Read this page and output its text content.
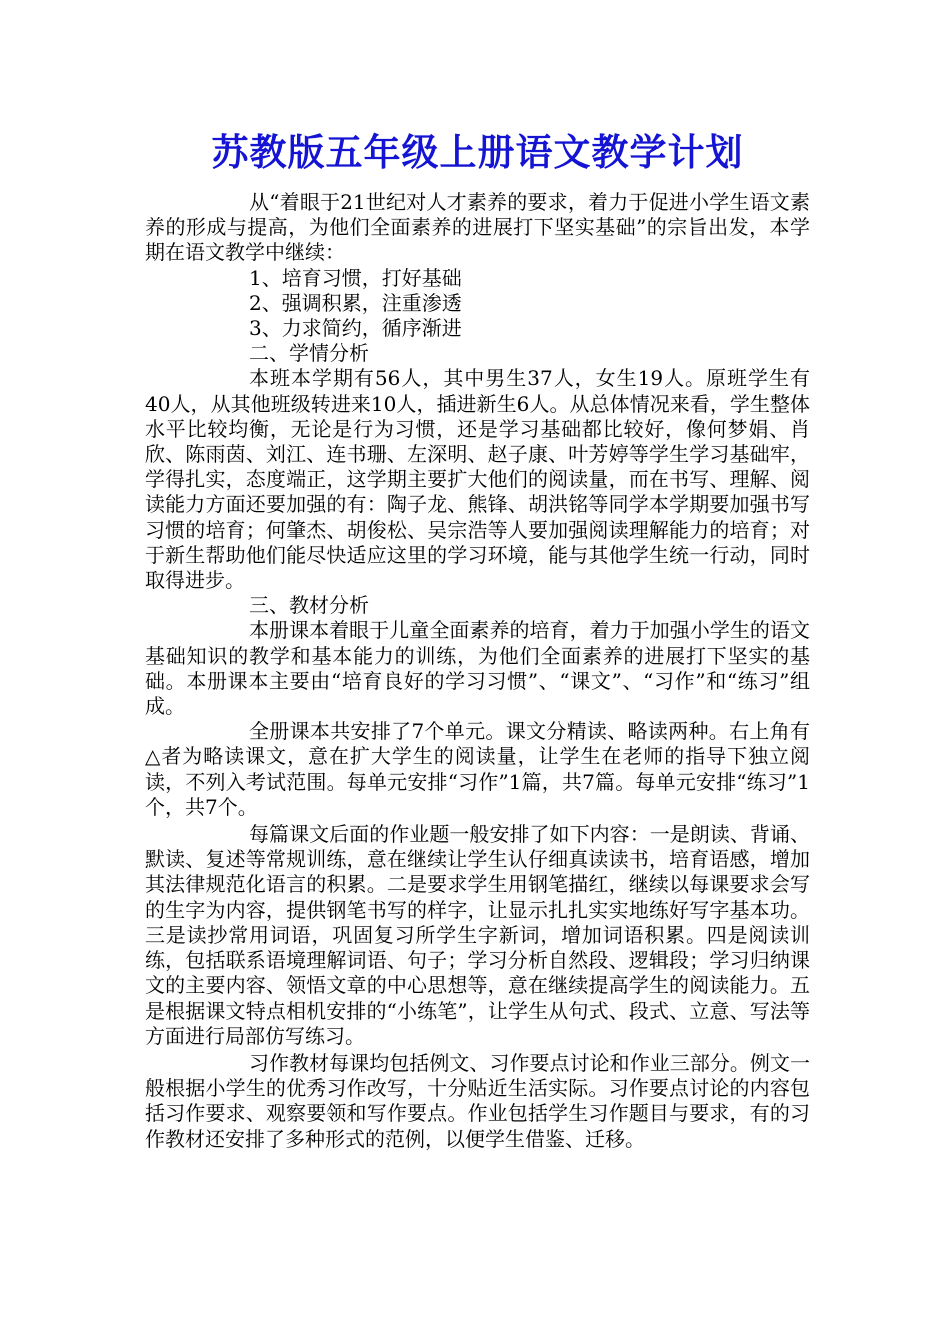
苏教版五年级上册语文教学计划

从“着眼于21世纪对人才素养的要求，着力于促进小学生语文素养的形成与提高，为他们全面素养的进展打下坚实基础”的宗旨出发，本学期在语文教学中继续：

1、培育习惯，打好基础

2、强调积累，注重渗透

3、力求简约，循序渐进

二、学情分析

本班本学期有56人，其中男生37人，女生19人。原班学生有40人，从其他班级转进来10人，插进新生6人。从总体情况来看，学生整体水平比较均衡，无论是行为习惯，还是学习基础都比较好，像何梦娟、肖欣、陈雨茵、刘江、连书珊、左深明、赵子康、叶芳婷等学生学习基础牢，学得扎实，态度端正，这学期主要扩大他们的阅读量，而在书写、理解、阅读能力方面还要加强的有：陶子龙、熊锋、胡洪铭等同学本学期要加强书写习惯的培育；何肇杰、胡俊松、吴宗浩等人要加强阅读理解能力的培育；对于新生帮助他们能尽快适应这里的学习环境，能与其他学生统一行动，同时取得进步。

三、教材分析

本册课本着眼于儿童全面素养的培育，着力于加强小学生的语文基础知识的教学和基本能力的训练，为他们全面素养的进展打下坚实的基础。本册课本主要由“培育良好的学习习惯”、“课文”、“习作”和“练习”组成。

全册课本共安排了7个单元。课文分精读、略读两种。右上角有△者为略读课文，意在扩大学生的阅读量，让学生在老师的指导下独立阅读，不列入考试范围。每单元安排“习作”1篇，共7篇。每单元安排“练习”1个，共7个。

每篇课文后面的作业题一般安排了如下内容：一是朗读、背诵、默读、复述等常规训练，意在继续让学生认仔细真读读书，培育语感，增加其法律规范化语言的积累。二是要求学生用钢笔描红，继续以每课要求会写的生字为内容，提供钢笔书写的样字，让显示扎扎实实地练好写字基本功。三是读抄常用词语，巩固复习所学生字新词，增加词语积累。四是阅读训练，包括联系语境理解词语、句子；学习分析自然段、逻辑段；学习归纳课文的主要内容、领悟文章的中心思想等，意在继续提高学生的阅读能力。五是根据课文特点相机安排的“小练笔”，让学生从句式、段式、立意、写法等方面进行局部仿写练习。

习作教材每课均包括例文、习作要点讨论和作业三部分。例文一般根据小学生的优秀习作改写，十分贴近生活实际。习作要点讨论的内容包括习作要求、观察要领和写作要点。作业包括学生习作题目与要求，有的习作教材还安排了多种形式的范例，以便学生借鉴、迁移。
